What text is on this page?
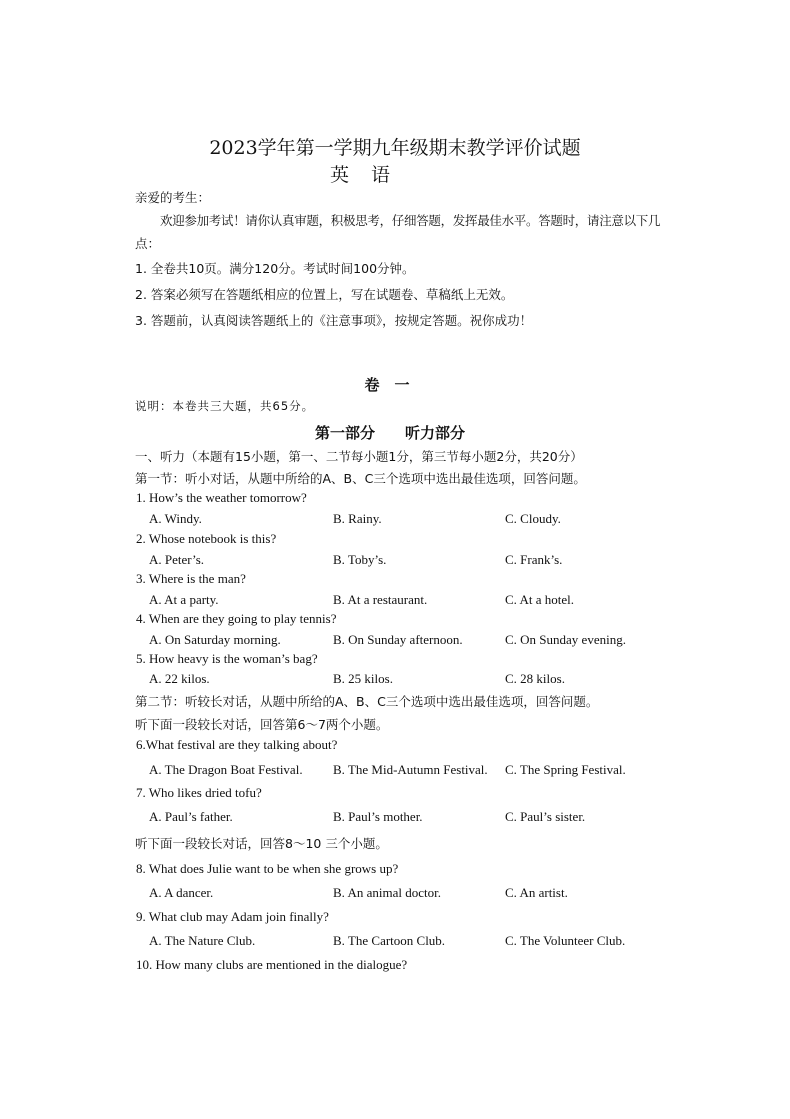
2023学年第一学期九年级期末教学评价试题
英语
亲爱的考生：
欢迎参加考试！请你认真审题，积极思考，仔细答题，发挥最佳水平。答题时，请注意以下几
点：
1. 全卷共10页。满分120分。考试时间100分钟。
2. 答案必须写在答题纸相应的位置上，写在试题卷、草稿纸上无效。
3. 答题前，认真阅读答题纸上的《注意事项》，按规定答题。祝你成功！
卷　一
说明：本卷共三大题，共65分。
第一部分　　听力部分
一、听力（本题有15小题，第一、二节每小题1分，第三节每小题2分，共20分）
第一节：听小对话，从题中所给的A、B、C三个选项中选出最佳选项，回答问题。
1. How’s the weather tomorrow?
A. Windy.	B. Rainy.	C. Cloudy.
2. Whose notebook is this?
A. Peter’s.	B. Toby’s.	C. Frank’s.
3. Where is the man?
A. At a party.	B. At a restaurant.	C. At a hotel.
4. When are they going to play tennis?
A. On Saturday morning.	B. On Sunday afternoon.	C. On Sunday evening.
5. How heavy is the woman’s bag?
A. 22 kilos.	B. 25 kilos.	C. 28 kilos.
第二节：听较长对话，从题中所给的A、B、C三个选项中选出最佳选项，回答问题。
听下面一段较长对话，回答第6～7两个小题。
6.What festival are they talking about?
A. The Dragon Boat Festival. B. The Mid-Autumn Festival. C. The Spring Festival.
7. Who likes dried tofu?
A. Paul’s father.	B. Paul’s mother.	C. Paul’s sister.
听下面一段较长对话，回答8～10 三个小题。
8. What does Julie want to be when she grows up?
A. A dancer.	B. An animal doctor.	C. An artist.
9. What club may Adam join finally?
A. The Nature Club.	B. The Cartoon Club.	C. The Volunteer Club.
10. How many clubs are mentioned in the dialogue?
